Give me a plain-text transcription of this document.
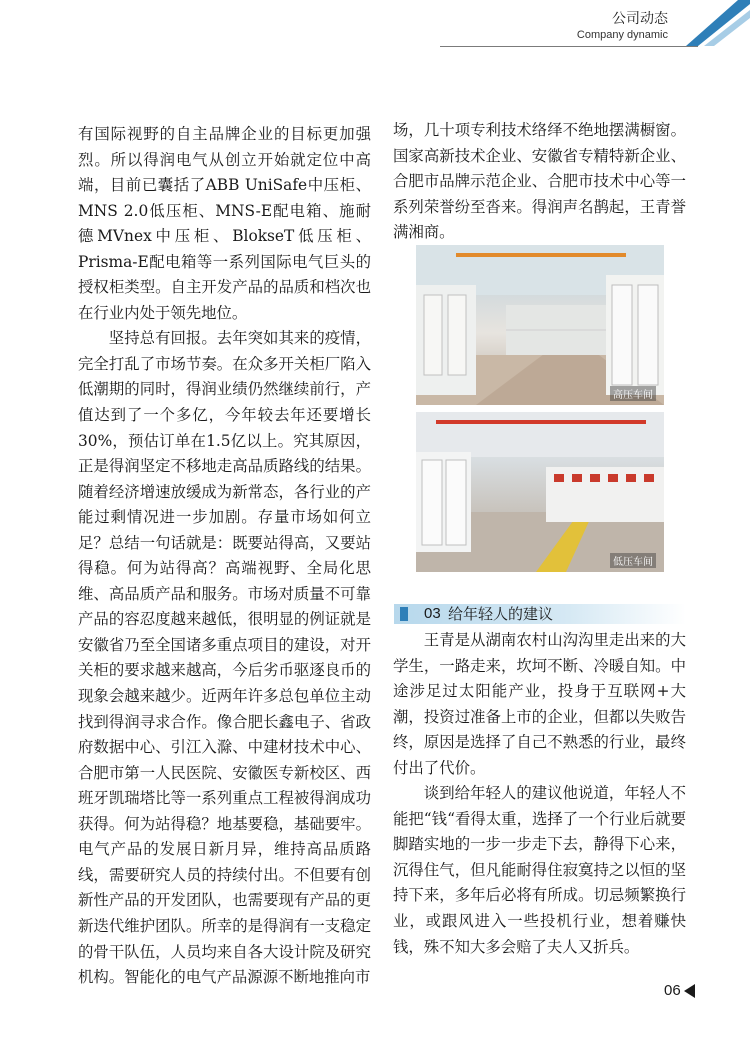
公司动态
Company dynamic

有国际视野的自主品牌企业的目标更加强烈。所以得润电气从创立开始就定位中高端，目前已囊括了ABB UniSafe中压柜、MNS 2.0低压柜、MNS-E配电箱、施耐德MVnex中压柜、BlokseT低压柜、Prisma-E配电箱等一系列国际电气巨头的授权柜类型。自主开发产品的品质和档次也在行业内处于领先地位。

坚持总有回报。去年突如其来的疫情，完全打乱了市场节奏。在众多开关柜厂陷入低潮期的同时，得润业绩仍然继续前行，产值达到了一个多亿，今年较去年还要增长30%，预估订单在1.5亿以上。究其原因，正是得润坚定不移地走高品质路线的结果。随着经济增速放缓成为新常态，各行业的产能过剩情况进一步加剧。存量市场如何立足？总结一句话就是：既要站得高，又要站得稳。何为站得高？高端视野、全局化思维、高品质产品和服务。市场对质量不可靠产品的容忍度越来越低，很明显的例证就是安徽省乃至全国诸多重点项目的建设，对开关柜的要求越来越高，今后劣币驱逐良币的现象会越来越少。近两年许多总包单位主动找到得润寻求合作。像合肥长鑫电子、省政府数据中心、引江入滁、中建材技术中心、合肥市第一人民医院、安徽医专新校区、西班牙凯瑞塔比等一系列重点工程被得润成功获得。何为站得稳？地基要稳，基础要牢。电气产品的发展日新月异，维持高品质路线，需要研究人员的持续付出。不但要有创新性产品的开发团队，也需要现有产品的更新迭代维护团队。所幸的是得润有一支稳定的骨干队伍，人员均来自各大设计院及研究机构。智能化的电气产品源源不断地推向市

场，几十项专利技术络绎不绝地摆满橱窗。国家高新技术企业、安徽省专精特新企业、合肥市品牌示范企业、合肥市技术中心等一系列荣誉纷至沓来。得润声名鹊起，王青誉满湘商。

高压车间
低压车间
03 给年轻人的建议

王青是从湖南农村山沟沟里走出来的大学生，一路走来，坎坷不断、冷暖自知。中途涉足过太阳能产业，投身于互联网+大潮，投资过准备上市的企业，但都以失败告终，原因是选择了自己不熟悉的行业，最终付出了代价。

谈到给年轻人的建议他说道，年轻人不能把“钱“看得太重，选择了一个行业后就要脚踏实地的一步一步走下去，静得下心来，沉得住气，但凡能耐得住寂寞持之以恒的坚持下来，多年后必将有所成。切忌频繁换行业，或跟风进入一些投机行业，想着赚快钱，殊不知大多会赔了夫人又折兵。

06
